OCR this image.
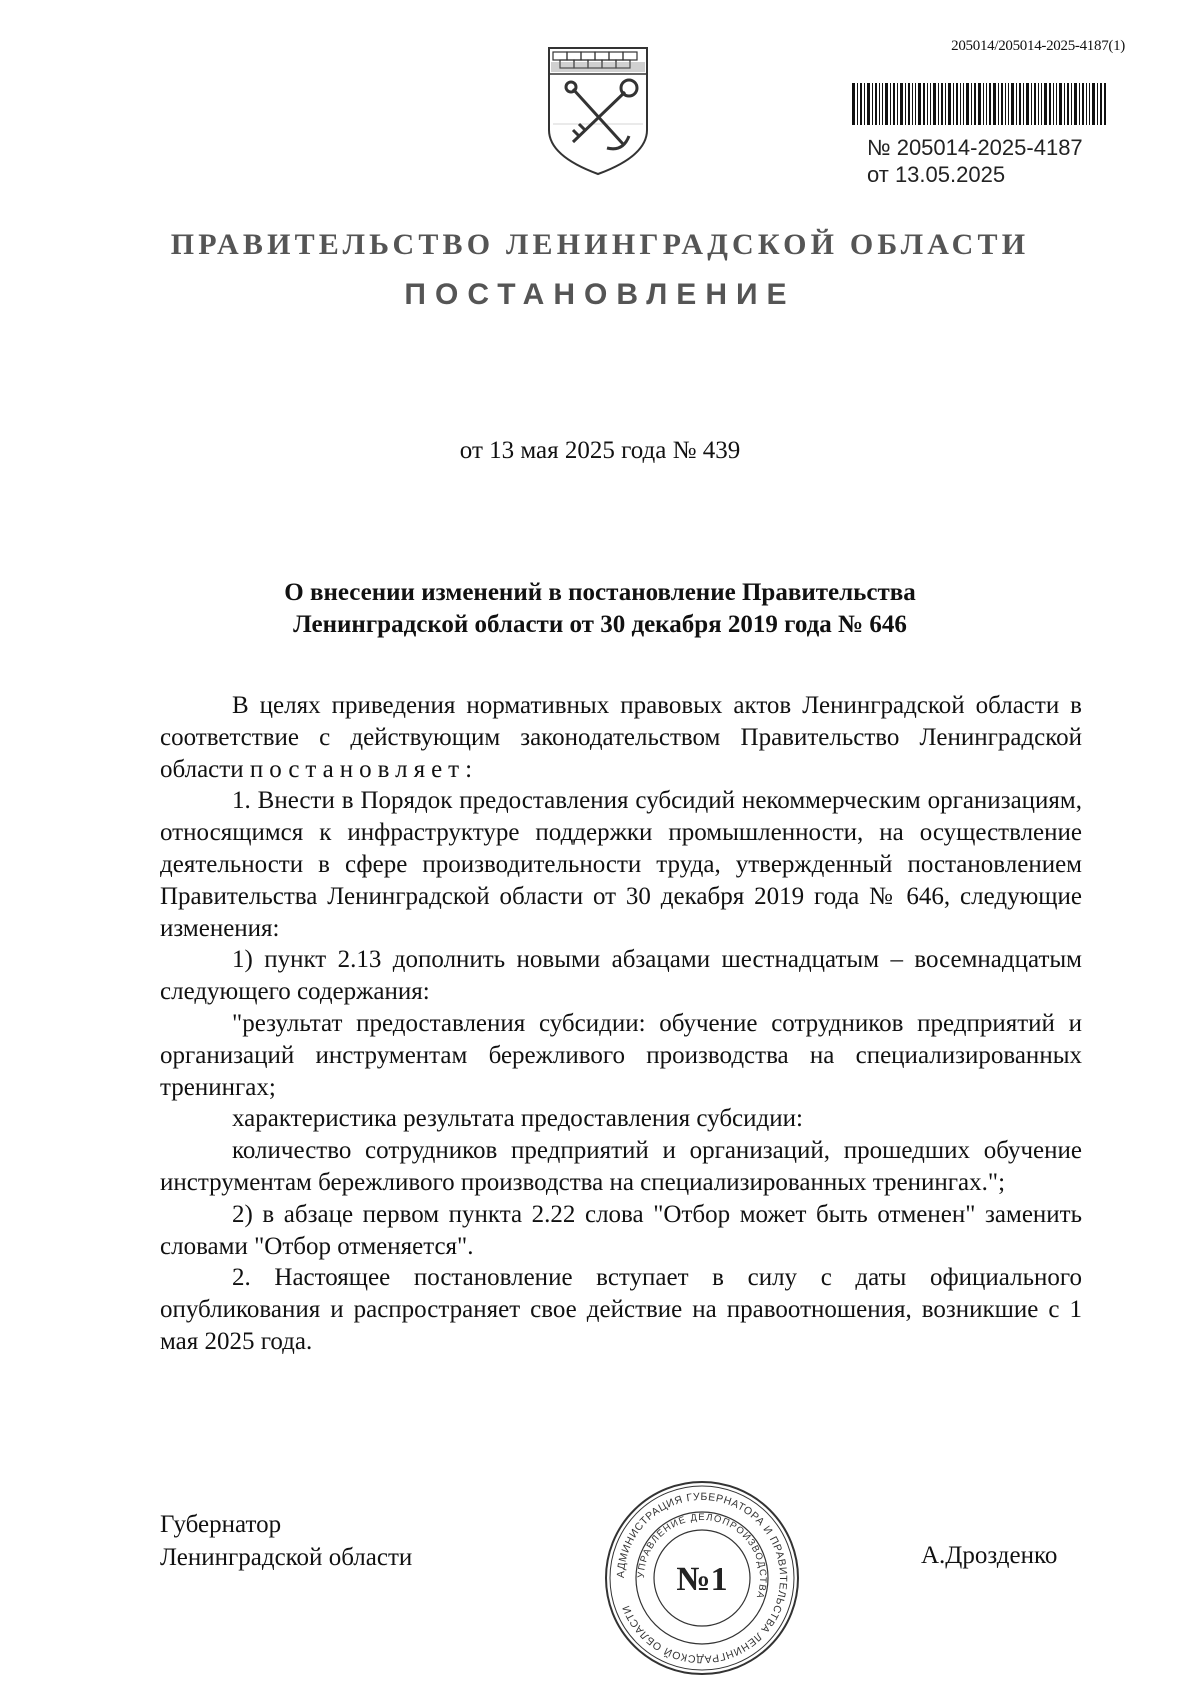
205014/205014-2025-4187(1)
№ 205014-2025-4187
от 13.05.2025
ПРАВИТЕЛЬСТВО ЛЕНИНГРАДСКОЙ ОБЛАСТИ
ПОСТАНОВЛЕНИЕ
от 13 мая 2025 года № 439
О внесении изменений в постановление Правительства
Ленинградской области от 30 декабря 2019 года № 646

В целях приведения нормативных правовых актов Ленинградской области в соответствие с действующим законодательством Правительство Ленинградской области постановляет:

1. Внести в Порядок предоставления субсидий некоммерческим организациям, относящимся к инфраструктуре поддержки промышленности, на осуществление деятельности в сфере производительности труда, утвержденный постановлением Правительства Ленинградской области от 30 декабря 2019 года № 646, следующие изменения:

1) пункт 2.13 дополнить новыми абзацами шестнадцатым – восемнадцатым следующего содержания:

"результат предоставления субсидии: обучение сотрудников предприятий и организаций инструментам бережливого производства на специализированных тренингах;

характеристика результата предоставления субсидии:

количество сотрудников предприятий и организаций, прошедших обучение инструментам бережливого производства на специализированных тренингах.";

2) в абзаце первом пункта 2.22 слова "Отбор может быть отменен" заменить словами "Отбор отменяется".

2. Настоящее постановление вступает в силу с даты официального опубликования и распространяет свое действие на правоотношения, возникшие с 1 мая 2025 года.

Губернатор
Ленинградской области
АДМИНИСТРАЦИЯ ГУБЕРНАТОРА И ПРАВИТЕЛЬСТВА ЛЕНИНГРАДСКОЙ ОБЛАСТИ
УПРАВЛЕНИЕ ДЕЛОПРОИЗВОДСТВА
№1
А.Дрозденко
